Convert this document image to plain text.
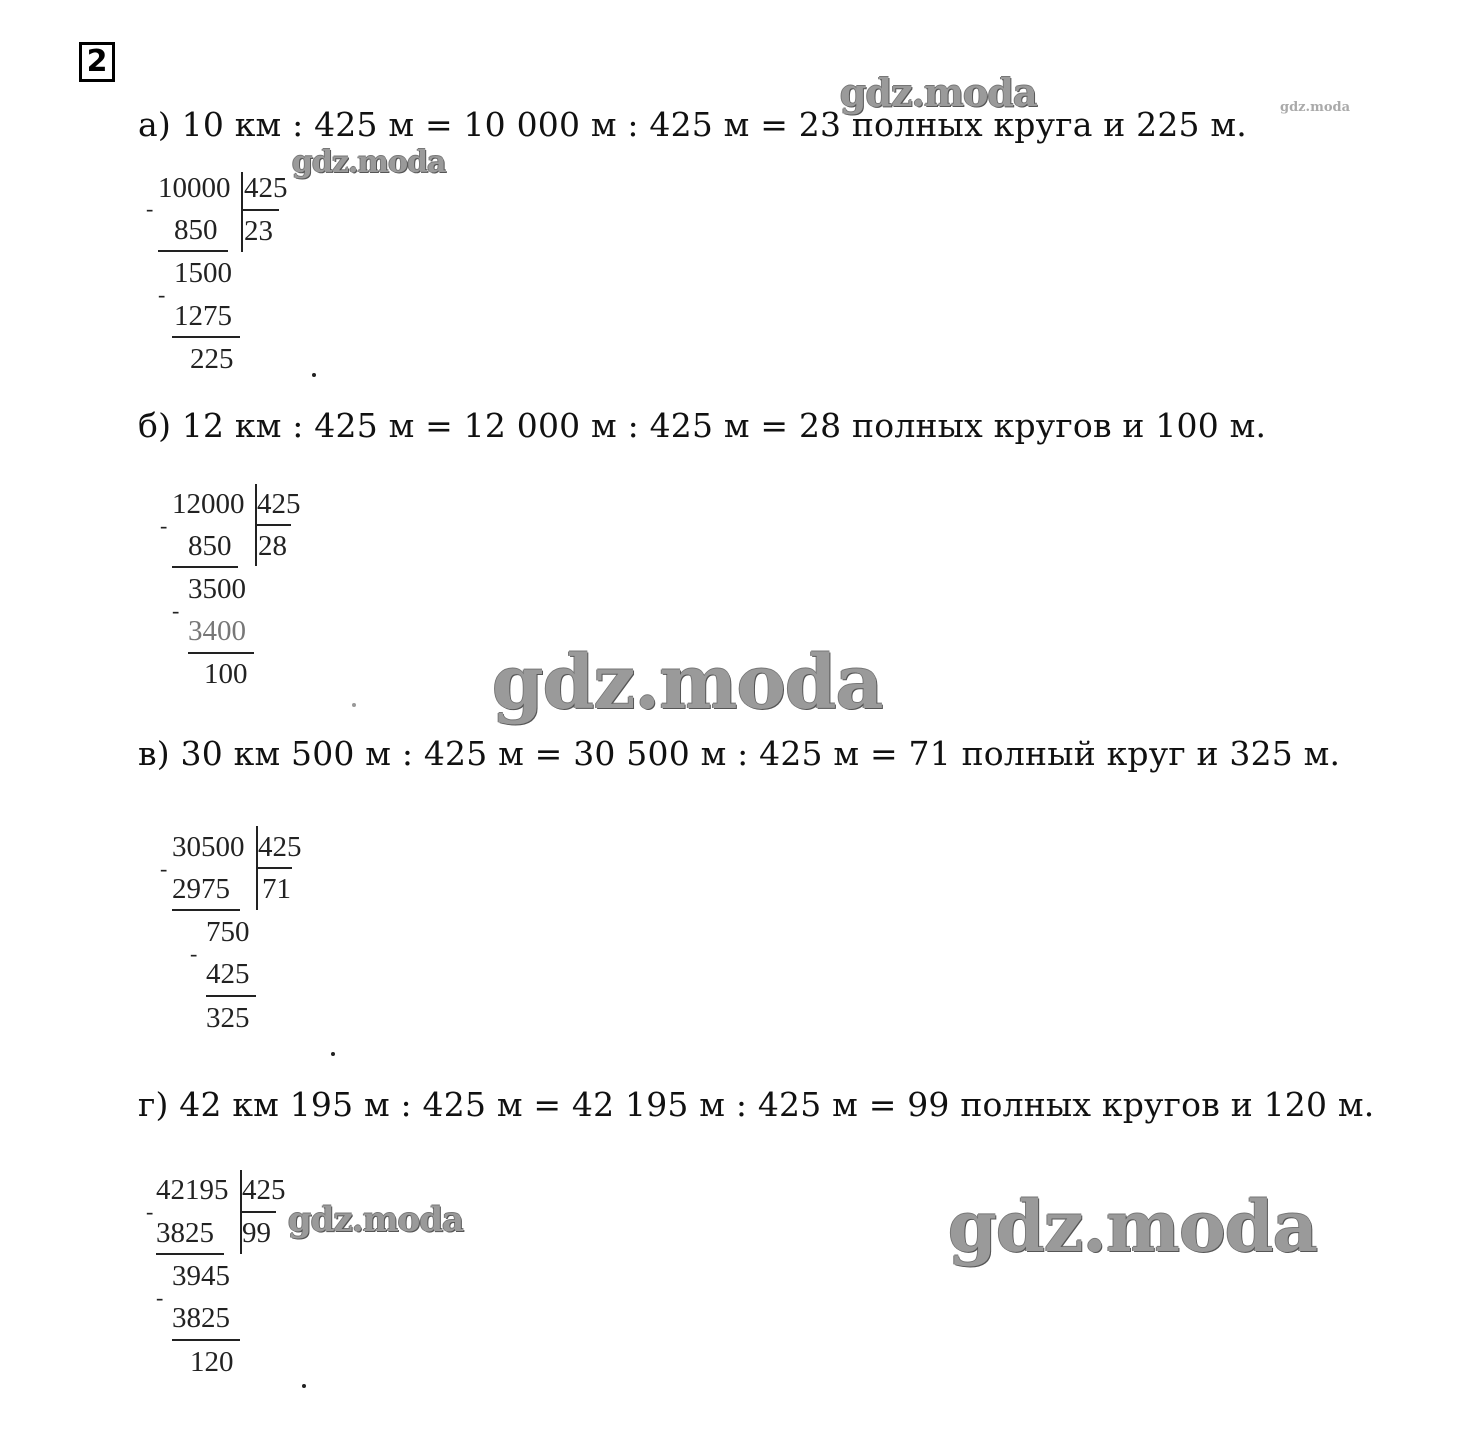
2
gdz.moda	gdz.moda
gdz.moda
gdz.moda
gdz.moda	gdz.moda
а) 10 км : 425 м = 10 000 м : 425 м = 23 полных круга и 225 м.
10000 425
23
-
850
1500
-
1275
225
б) 12 км : 425 м = 12 000 м : 425 м = 28 полных кругов и 100 м.
12000 425
28
-
850
3500
-
3400
100
в) 30 км 500 м : 425 м = 30 500 м : 425 м = 71 полный круг и 325 м.
30500 425
71
-
2975
750
-
425
325
г) 42 км 195 м : 425 м = 42 195 м : 425 м = 99 полных кругов и 120 м.
42195 425
99
-
3825
3945
-
3825
120
